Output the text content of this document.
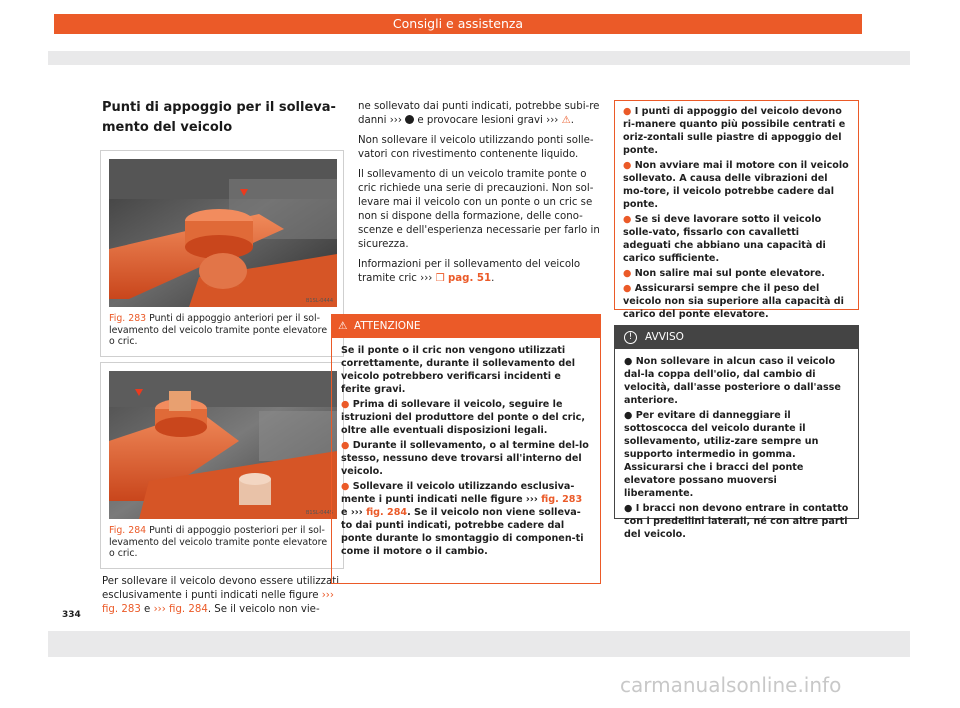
Consigli e assistenza
Punti di appoggio per il solleva-
mento del veicolo
B1SL-0444
Fig. 283 Punti di appoggio anteriori per il sol-levamento del veicolo tramite ponte elevatore o cric.
B1SL-0445
Fig. 284 Punti di appoggio posteriori per il sol-levamento del veicolo tramite ponte elevatore o cric.

Per sollevare il veicolo devono essere utilizzati esclusivamente i punti indicati nelle figure ››› fig. 283 e ››› fig. 284. Se il veicolo non vie-

ne sollevato dai punti indicati, potrebbe subi-re danni ›››  e provocare lesioni gravi ››› ⚠.

Non sollevare il veicolo utilizzando ponti solle-vatori con rivestimento contenente liquido.

Il sollevamento di un veicolo tramite ponte o cric richiede una serie di precauzioni. Non sol-levare mai il veicolo con un ponte o un cric se non si dispone della formazione, delle cono-scenze e dell'esperienza necessarie per farlo in sicurezza.

Informazioni per il sollevamento del veicolo tramite cric ››› ❒ pag. 51.

⚠ ATTENZIONE

Se il ponte o il cric non vengono utilizzati correttamente, durante il sollevamento del veicolo potrebbero verificarsi incidenti e ferite gravi.

● Prima di sollevare il veicolo, seguire le istruzioni del produttore del ponte o del cric, oltre alle eventuali disposizioni legali.

● Durante il sollevamento, o al termine del-lo stesso, nessuno deve trovarsi all'interno del veicolo.

● Sollevare il veicolo utilizzando esclusiva-mente i punti indicati nelle figure ››› fig. 283 e ››› fig. 284. Se il veicolo non viene solleva-to dai punti indicati, potrebbe cadere dal ponte durante lo smontaggio di componen-ti come il motore o il cambio.

● I punti di appoggio del veicolo devono ri-manere quanto più possibile centrati e oriz-zontali sulle piastre di appoggio del ponte.

● Non avviare mai il motore con il veicolo sollevato. A causa delle vibrazioni del mo-tore, il veicolo potrebbe cadere dal ponte.

● Se si deve lavorare sotto il veicolo solle-vato, fissarlo con cavalletti adeguati che abbiano una capacità di carico sufficiente.

● Non salire mai sul ponte elevatore.

● Assicurarsi sempre che il peso del veicolo non sia superiore alla capacità di carico del ponte elevatore.

!	AVVISO

● Non sollevare in alcun caso il veicolo dal-la coppa dell'olio, dal cambio di velocità, dall'asse posteriore o dall'asse anteriore.

● Per evitare di danneggiare il sottoscocca del veicolo durante il sollevamento, utiliz-zare sempre un supporto intermedio in gomma. Assicurarsi che i bracci del ponte elevatore possano muoversi liberamente.

● I bracci non devono entrare in contatto con i predellini laterali, né con altre parti del veicolo.

334
carmanualsonline.info
